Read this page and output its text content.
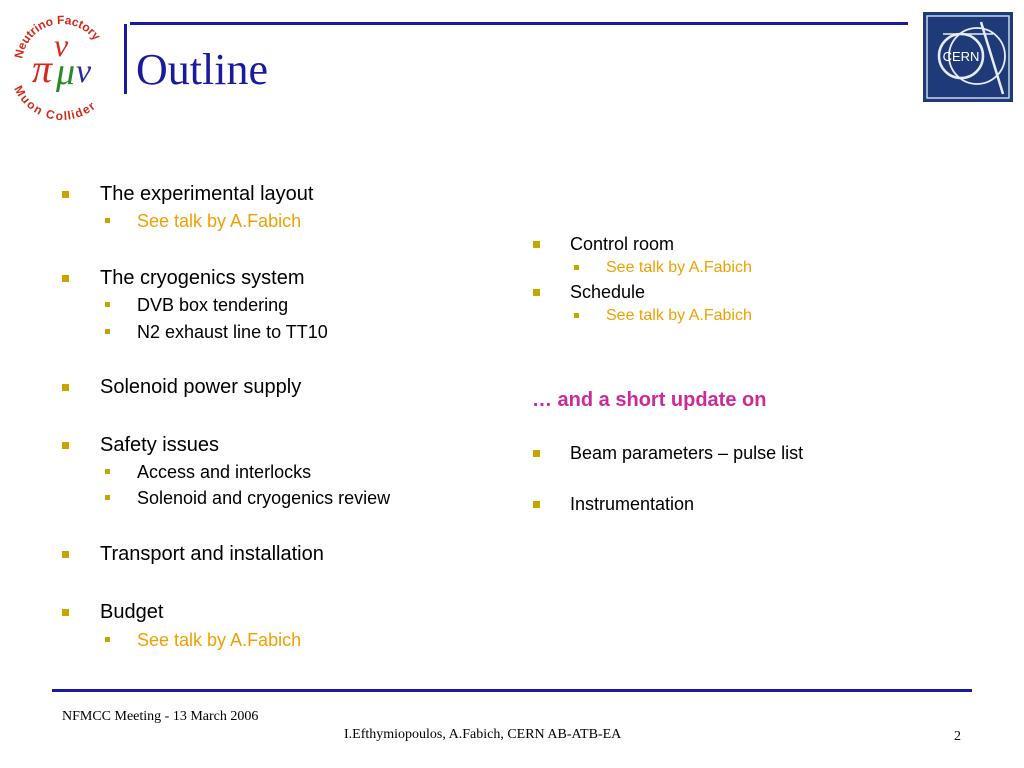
Neutrino Factory
Muon Collider
π
ν
μ ν Outline	CERN
The experimental layout
See talk by A.Fabich
The cryogenics system
DVB box tendering
N2 exhaust line to TT10
Solenoid power supply
Safety issues
Access and interlocks
Solenoid and cryogenics review
Transport and installation
Budget
See talk by A.Fabich
Control room
See talk by A.Fabich
Schedule
See talk by A.Fabich
… and a short update on
Beam parameters – pulse list
Instrumentation
NFMCC Meeting - 13 March 2006
I.Efthymiopoulos, A.Fabich, CERN AB-ATB-EA	2
